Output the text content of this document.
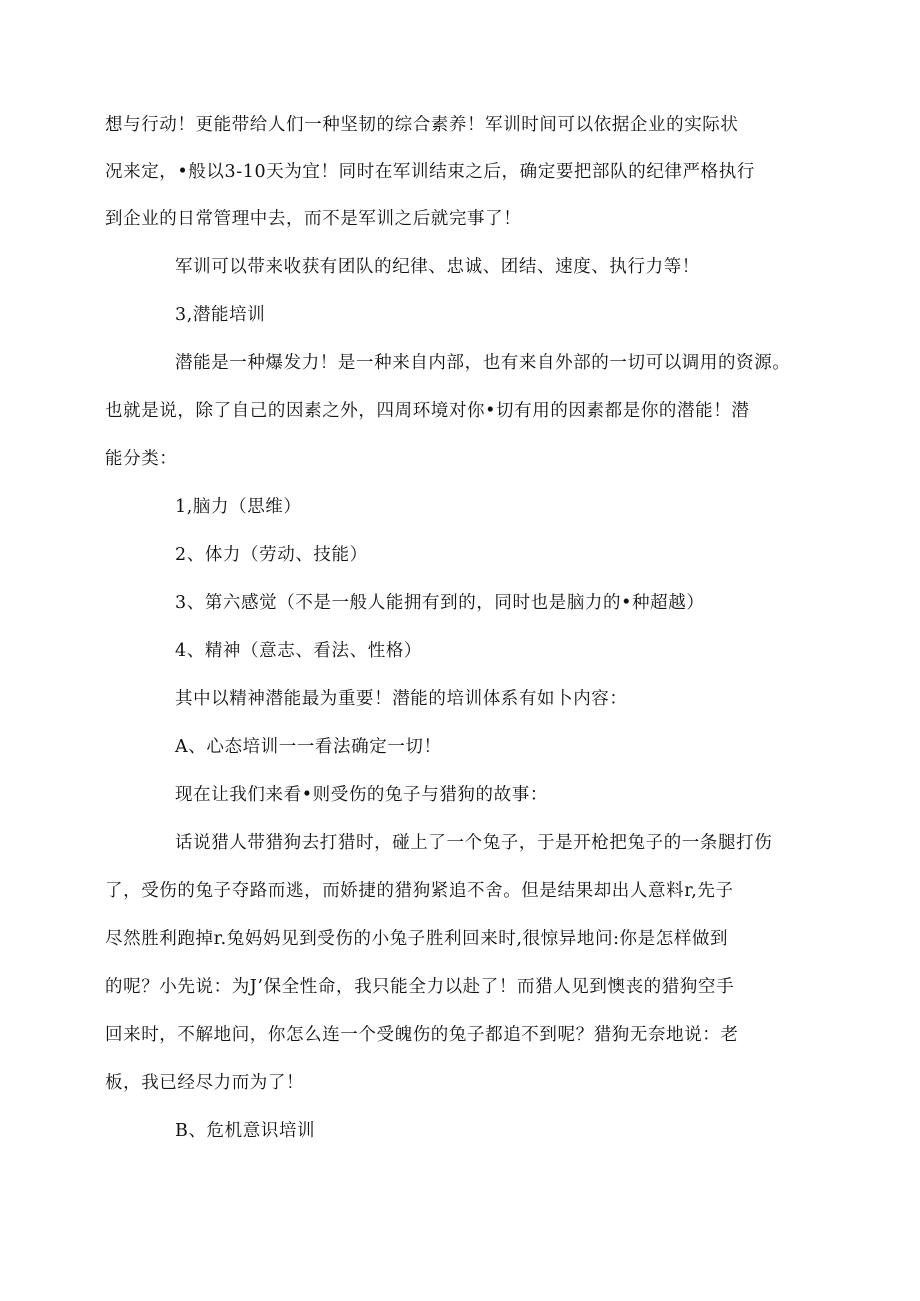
想与行动！更能带给人们一种坚韧的综合素养！军训时间可以依据企业的实际状
况来定，•般以3-10天为宜！同时在军训结束之后，确定要把部队的纪律严格执行
到企业的日常管理中去，而不是军训之后就完事了！
军训可以带来收获有团队的纪律、忠诚、团结、速度、执行力等！
3,潜能培训
潜能是一种爆发力！是一种来自内部，也有来自外部的一切可以调用的资源。
也就是说，除了自己的因素之外，四周环境对你•切有用的因素都是你的潜能！潜
能分类：
1,脑力（思维）
2、体力（劳动、技能）
3、第六感觉（不是一般人能拥有到的，同时也是脑力的•种超越）
4、精神（意志、看法、性格）
其中以精神潜能最为重要！潜能的培训体系有如卜内容：
A、心态培训一一看法确定一切！
现在让我们来看•则受伤的兔子与猎狗的故事：
话说猎人带猎狗去打猎时，碰上了一个兔子，于是开枪把兔子的一条腿打伤
了，受伤的兔子夺路而逃，而娇捷的猎狗紧追不舍。但是结果却出人意料r,先子
尽然胜利跑掉r.兔妈妈见到受伤的小兔子胜利回来时,很惊异地问:你是怎样做到
的呢？小先说：为J’保全性命，我只能全力以赴了！而猎人见到懊丧的猎狗空手
回来时，不解地问，你怎么连一个受魄伤的兔子都追不到呢？猎狗无奈地说：老
板，我已经尽力而为了！
B、危机意识培训
